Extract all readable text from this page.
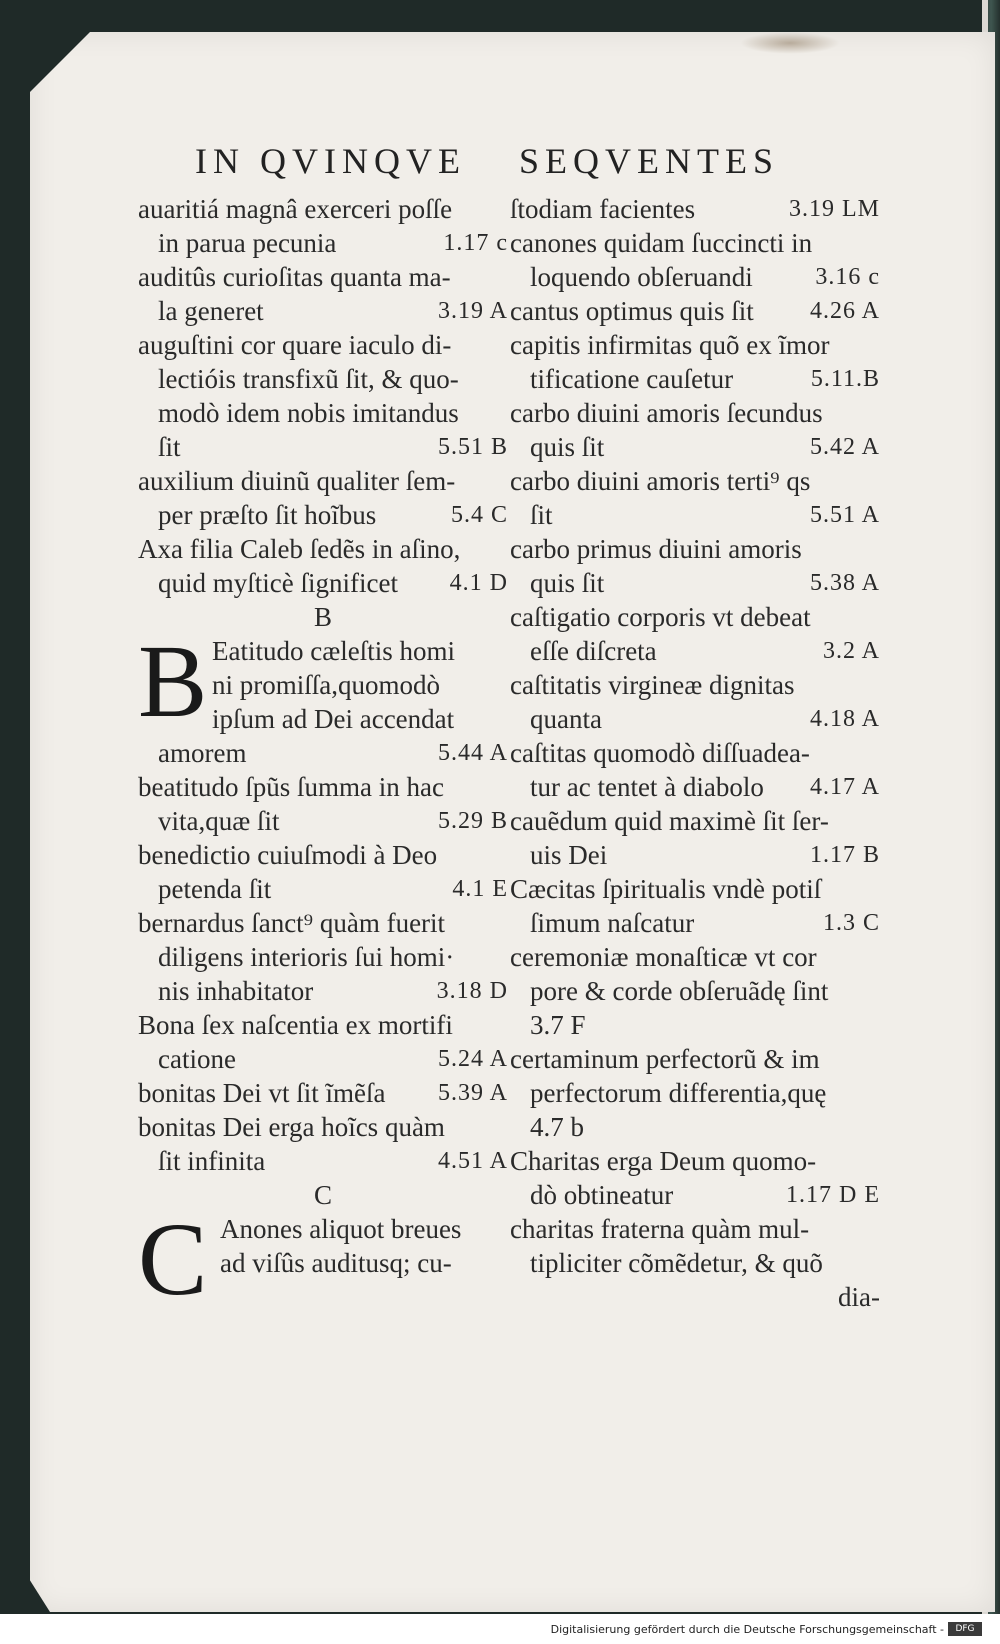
IN QVINQVE SEQVENTES
auaritiá magnâ exerceri poſſe
in parua pecunia	1.17 c
auditûs curioſitas quanta ma-
la generet	3.19 A
auguſtini cor quare iaculo di-
lectióis transfixũ ſit, & quo-
modò idem nobis imitandus
ſit	5.51 B
auxilium diuinũ qualiter ſem-
per præſto ſit hoĩbus	5.4 C
Axa filia Caleb ſedẽs in aſino,
quid myſticè ſignificet 4.1 D
B
B Eatitudo cæleſtis homi
ni promiſſa,quomodò
ipſum ad Dei accendat
amorem	5.44 A
beatitudo ſpũs ſumma in hac
vita,quæ ſit	5.29 B
benedictio cuiuſmodi à Deo
petenda ſit	4.1 E
bernardus ſanct⁹ quàm fuerit
diligens interioris ſui homi·
nis inhabitator	3.18 D
Bona ſex naſcentia ex mortifi
catione	5.24 A
bonitas Dei vt ſit ĩmẽſa 5.39 A
bonitas Dei erga hoĩcs quàm
ſit infinita	4.51 A
C
C Anones aliquot breues
ad viſûs auditusq; cu-
ſtodiam facientes	3.19 LM
canones quidam ſuccincti in
loquendo obſeruandi	3.16 c
cantus optimus quis ſit 4.26 A
capitis infirmitas quõ ex ĩmor
tificatione cauſetur	5.11.B
carbo diuini amoris ſecundus
quis ſit	5.42 A
carbo diuini amoris terti⁹ qs
ſit	5.51 A
carbo primus diuini amoris
quis ſit	5.38 A
caſtigatio corporis vt debeat
eſſe diſcreta	3.2 A
caſtitatis virgineæ dignitas
quanta	4.18 A
caſtitas quomodò diſſuadea-
tur ac tentet à diabolo 4.17 A
cauẽdum quid maximè ſit ſer-
uis Dei	1.17 B
Cæcitas ſpiritualis vndè potiſ
ſimum naſcatur	1.3 C
ceremoniæ monaſticæ vt cor
pore & corde obſeruãdę ſint
3.7 F
certaminum perfectorũ & im
perfectorum differentia,quę
4.7 b
Charitas erga Deum quomo-
dò obtineatur	1.17 D E
charitas fraterna quàm mul-
tipliciter cõmẽdetur, & quõ
dia-
Digitalisierung gefördert durch die Deutsche Forschungsgemeinschaft -	DFG
